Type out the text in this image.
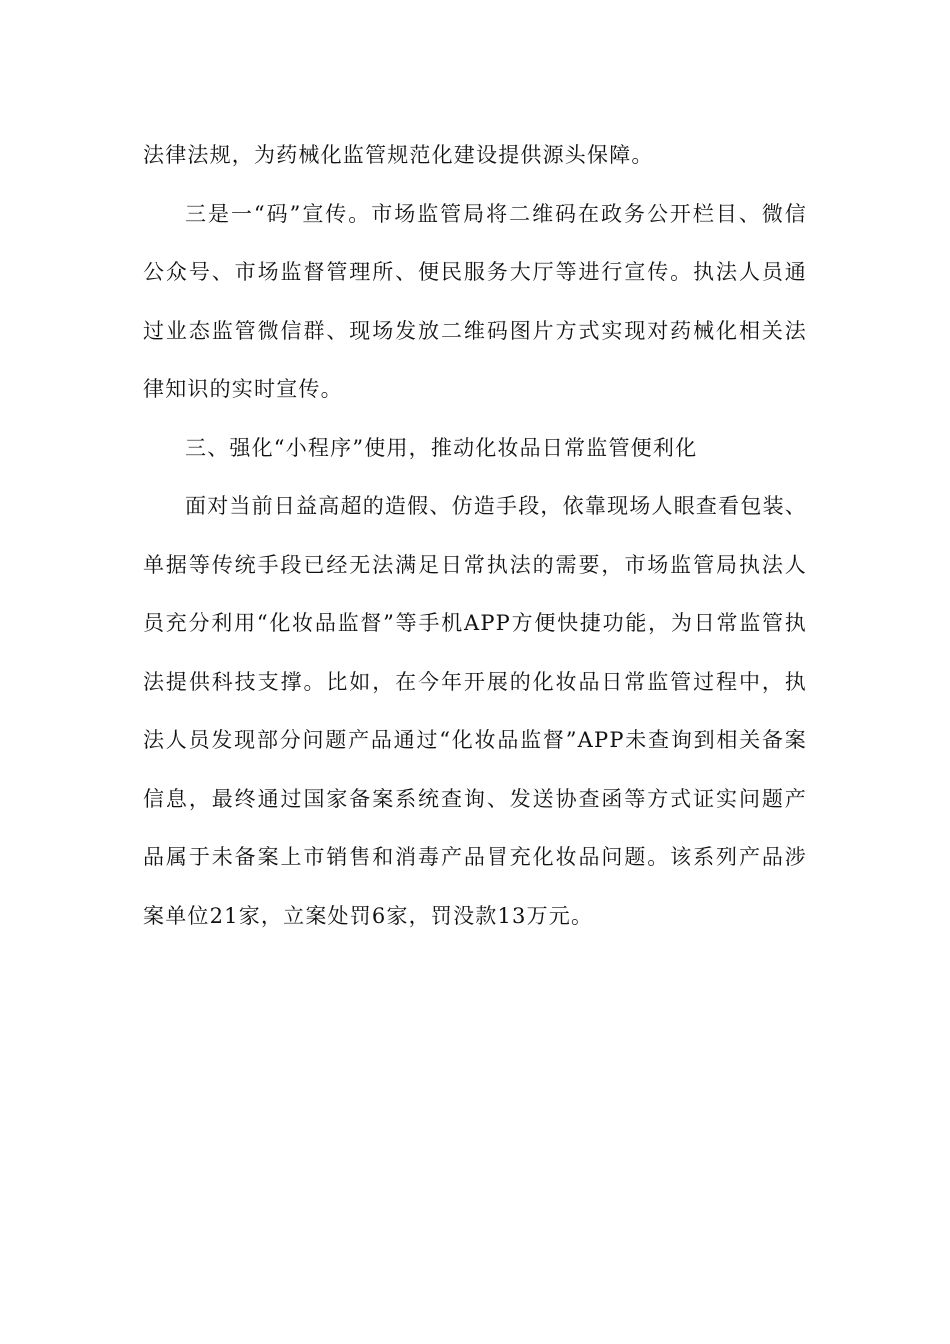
法律法规，为药械化监管规范化建设提供源头保障。

三是一“码”宣传。市场监管局将二维码在政务公开栏目、微信公众号、市场监督管理所、便民服务大厅等进行宣传。执法人员通过业态监管微信群、现场发放二维码图片方式实现对药械化相关法律知识的实时宣传。

三、强化“小程序”使用，推动化妆品日常监管便利化

面对当前日益高超的造假、仿造手段，依靠现场人眼查看包装、单据等传统手段已经无法满足日常执法的需要，市场监管局执法人员充分利用“化妆品监督”等手机APP方便快捷功能，为日常监管执法提供科技支撑。比如，在今年开展的化妆品日常监管过程中，执法人员发现部分问题产品通过“化妆品监督”APP未查询到相关备案信息，最终通过国家备案系统查询、发送协查函等方式证实问题产品属于未备案上市销售和消毒产品冒充化妆品问题。该系列产品涉案单位21家，立案处罚6家，罚没款13万元。
